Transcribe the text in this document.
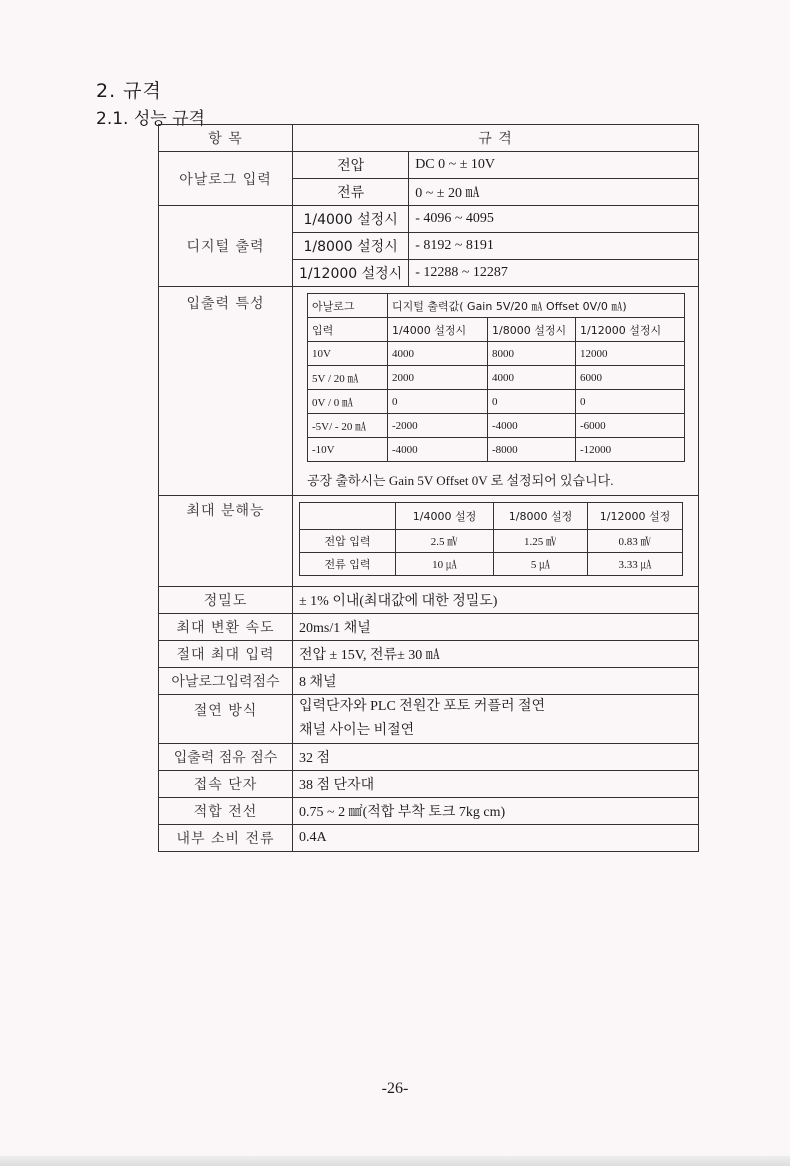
2. 규격
2.1. 성능 규격
항 목	규 격
아날로그 입력	전압	DC 0 ~ ± 10V
전류	0 ~ ± 20 ㎃
디지털 출력	1/4000 설정시	- 4096 ~ 4095
1/8000 설정시	- 8192 ~ 8191
1/12000 설정시	- 12288 ~ 12287
입출력 특성		아날로그	디지털 출력값( Gain 5V/20 ㎃ Offset 0V/0 ㎃)
입력	1/4000 설정시	1/8000 설정시	1/12000 설정시
10V	4000	8000	12000
5V / 20 ㎃	2000	4000	6000
0V / 0 ㎃	0	0	0
-5V/ - 20 ㎃	-2000	-4000	-6000
-10V	-4000	-8000	-12000
공장 출하시는 Gain 5V Offset 0V 로 설정되어 있습니다.

최대 분해능	
		1/4000 설정	1/8000 설정	1/12000 설정
전압 입력	2.5 ㎷	1.25 ㎷	0.83 ㎷
전류 입력	10 ㎂	5 ㎂	3.33 ㎂

정밀도	± 1% 이내(최대값에 대한 정밀도)
최대 변환 속도	20ms/1 채널
절대 최대 입력	전압 ± 15V, 전류± 30 ㎃
아날로그입력점수	8 채널
절연 방식	입력단자와 PLC 전원간 포토 커플러 절연
채널 사이는 비절연

입출력 점유 점수	32 점
접속 단자	38 점 단자대
적합 전선	0.75 ~ 2 ㎟(적합 부착 토크 7kg cm)
내부 소비 전류	0.4A
-26-
